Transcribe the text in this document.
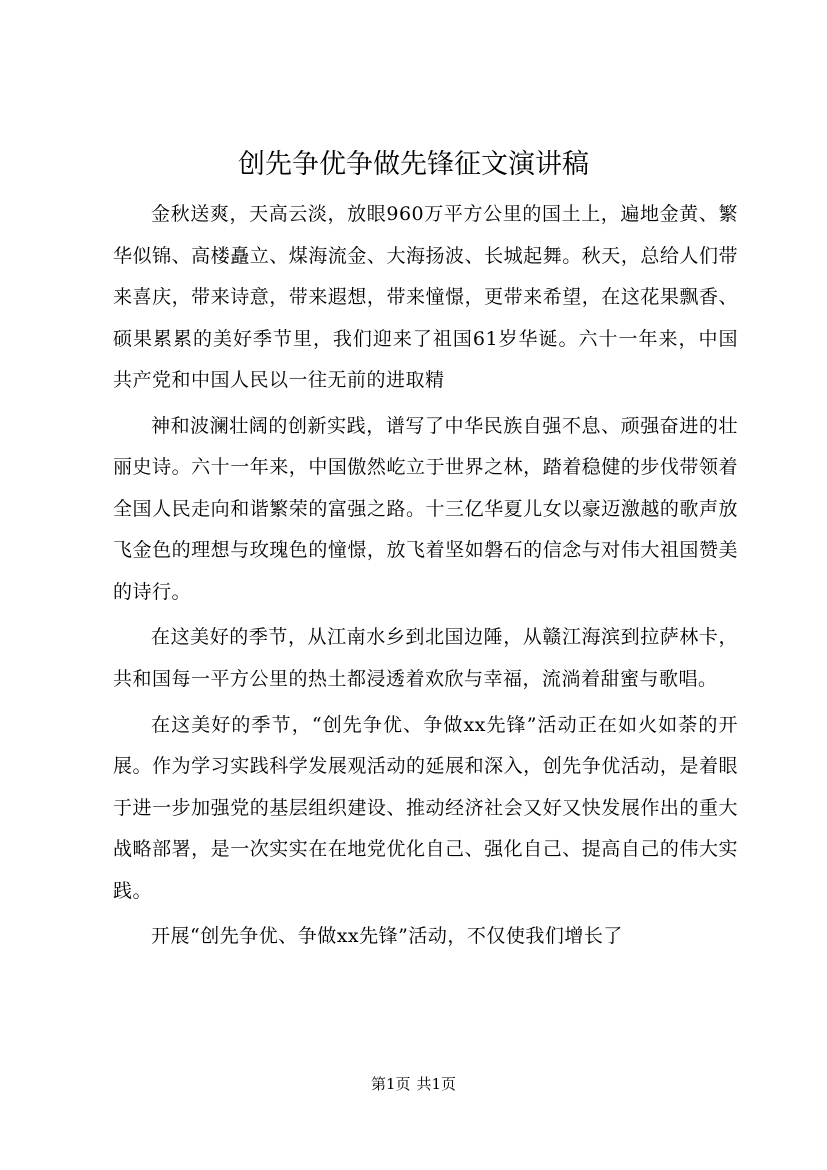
创先争优争做先锋征文演讲稿

金秋送爽，天高云淡，放眼960万平方公里的国土上，遍地金黄、繁华似锦、高楼矗立、煤海流金、大海扬波、长城起舞。秋天，总给人们带来喜庆，带来诗意，带来遐想，带来憧憬，更带来希望，在这花果飘香、硕果累累的美好季节里，我们迎来了祖国61岁华诞。六十一年来，中国共产党和中国人民以一往无前的进取精

神和波澜壮阔的创新实践，谱写了中华民族自强不息、顽强奋进的壮丽史诗。六十一年来，中国傲然屹立于世界之林，踏着稳健的步伐带领着全国人民走向和谐繁荣的富强之路。十三亿华夏儿女以豪迈激越的歌声放飞金色的理想与玫瑰色的憧憬，放飞着坚如磐石的信念与对伟大祖国赞美的诗行。

在这美好的季节，从江南水乡到北国边陲，从赣江海滨到拉萨林卡，共和国每一平方公里的热土都浸透着欢欣与幸福，流淌着甜蜜与歌唱。

在这美好的季节，“创先争优、争做xx先锋”活动正在如火如荼的开展。作为学习实践科学发展观活动的延展和深入，创先争优活动，是着眼于进一步加强党的基层组织建设、推动经济社会又好又快发展作出的重大战略部署，是一次实实在在地党优化自己、强化自己、提高自己的伟大实践。

开展“创先争优、争做xx先锋”活动，不仅使我们增长了

第1页 共1页
